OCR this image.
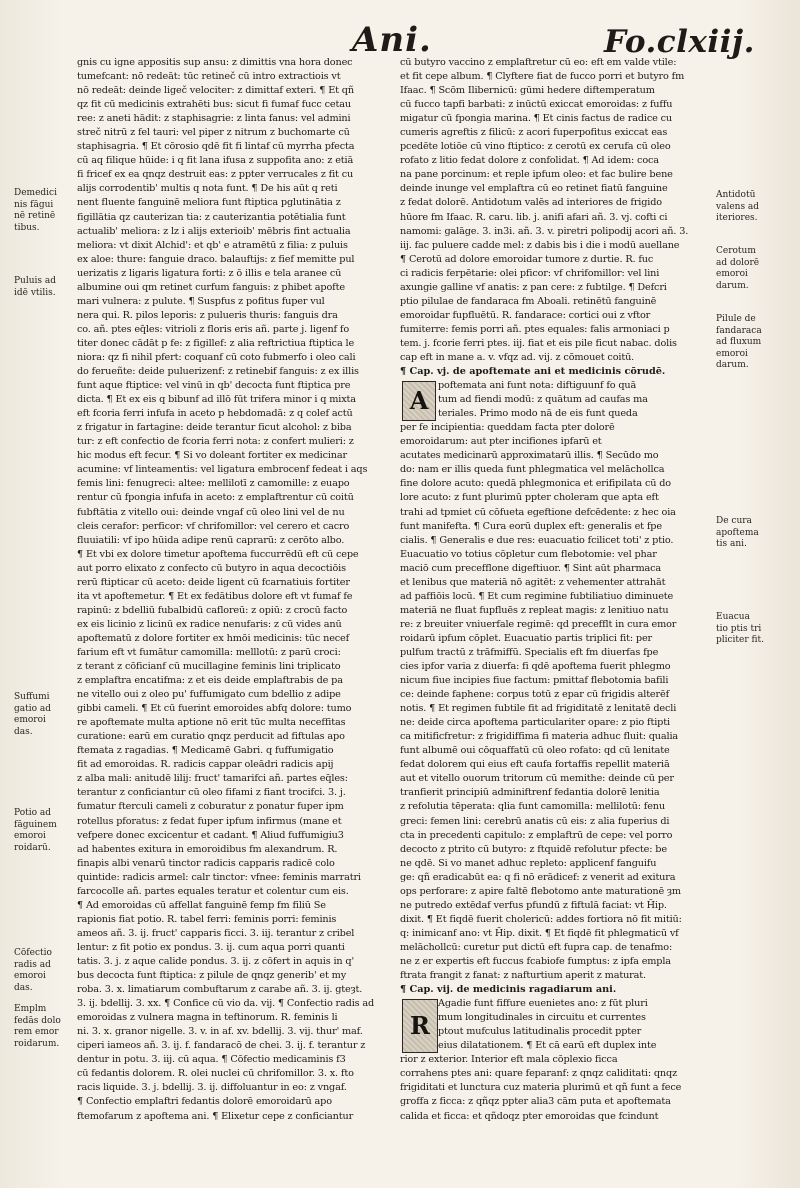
Ani.	Fo.clxiij.
gnis cu igne appositis sup ansu: z dimittis vna hora donec
tumefcant: nō redeāt: tūc retineč cū intro extractiois vt
nō redeāt: deinde ligeč velociter: z dimittaf exteri. ¶ Et qñ
qz fit cū medicinis extrahēti bus: sicut fi fumaf fucc cetau
ree: z aneti hādit: z staphisagrie: z linta fanus: vel admini
streč nitrū z fel tauri: vel piper z nitrum z buchomarte cū
staphisagria. ¶ Et cōrosio qdē fit fi lintaf cū myrrha pfecta
cū aq filique hūide: i q fit lana ifusa z suppofita ano: z etiā
fi fricef ex ea qnqz destruit eas: z ppter verrucales z fit cu
alijs corrodentib' multis q nota funt. ¶ De his aūt q reti
nent fluente fanguinē meliora funt ftiptica pglutinātia z
figillātia qz cauterizan tia: z cauterizantia potētialia funt
actualib' meliora: z lz i alijs exterioib' mēbris fint actualia
meliora: vt dixit Alchid': et qb' e atramētū z filia: z puluis
ex aloe: thure: fanguie draco. balauftijs: z fief memitte pul
uerizatis z ligaris ligatura forti: z ō illis e tela aranee cū
albumine oui qm retinet curfum fanguis: z phibet apofte
mari vulnera: z pulute. ¶ Suspfus z pofitus fuper vul
nera qui. R. pilos leporis: z pulueris thuris: fanguis dra
co. añ. ptes eq̄les: vitrioli z floris eris añ. parte j. ligenf fo
titer donec cādāt p fe: z figillef: z alia reftrictiua ftiptica le
niora: qz fi nihil pfert: coquanf cū coto fubmerfo i oleo cali
do ferueñte: deide puluerizenf: z retinebif fanguis: z ex illis
funt aque ftiptice: vel vinū in qb' decocta funt ftiptica pre
dicta. ¶ Et ex eis q bibunf ad illō fūt trifera minor i q mixta
eft fcoria ferri infufa in aceto p hebdomadā: z q colef actū
z frigatur in fartagine: deide terantur ficut alcohol: z biba
tur: z eft confectio de fcoria ferri nota: z confert mulieri: z
hic modus eft fecur. ¶ Si vo doleant fortiter ex medicinar
acumine: vf linteamentis: vel ligatura embrocenf fedeat i aqs
femis lini: fenugreci: altee: mellilotī z camomille: z euapo
rentur cū fpongia infufa in aceto: z emplaftrentur cū coitū
fubftātia z vitello oui: deinde vngaf cū oleo lini vel de nu
cleis cerafor: perficor: vf chrifomillor: vel cerero et cacro
fluuiatili: vf ipo hūida adipe renū caprarū: z cerōto albo.
¶ Et vbi ex dolore timetur apoftema fuccurrēdū eft cū cepe
aut porro elixato z confecto cū butyro in aqua decoctiōis
rerū ftipticar cū aceto: deide ligent cū fcarnatiuis fortiter
ita vt apoftemetur. ¶ Et ex fedātibus dolore eft vt fumaf fe
rapinū: z bdelliū fubalbidū cafloreū: z opiū: z crocū facto
ex eis licinio z licinū ex radice nenufaris: z cū vides anū
apoftematū z dolore fortiter ex hmōi medicinis: tūc necef
farium eft vt fumātur camomilla: melllotū: z parū croci:
z terant z cōficianf cū mucillagine feminis lini triplicato
z emplaftra encatifma: z et eis deide emplaftrabis de pa
ne vitello oui z oleo pu' fuffumigato cum bdellio z adipe
gibbi cameli. ¶ Et cū fuerint emoroides abfq dolore: tumo
re apoftemate multa aptione nō erit tūc multa neceffitas
curatione: earū em curatio qnqz perducit ad fiftulas apo
ftemata z ragadias. ¶ Medicamē Gabri. q fuffumigatio
fit ad emoroidas. R. radicis cappar oleādri radicis apij
z alba mali: anitudē lilij: fruct' tamarifci añ. partes eq̄les:
terantur z conficiantur cū oleo fifami z fiant trocifci. 3. j.
fumatur fterculi cameli z coburatur z ponatur fuper ipm
rotellus pforatus: z fedat fuper ipfum infirmus (mane et
vefpere donec excicentur et cadant. ¶ Aliud fuffumigiu3
ad habentes exitura in emoroidibus fm alexandrum. R.
finapis albi venarū tinctor radicis capparis radicē colo
quintide: radicis armel: calr tinctor: vfnee: feminis marratri
farcocolle añ. partes equales teratur et colentur cum eis.
¶ Ad emoroidas cū affellat fanguinē femp fm filiū Se
rapionis fiat potio. R. tabel ferri: feminis porri: feminis
ameos añ. 3. ij. fruct' capparis ficci. 3. iij. terantur z cribel
lentur: z fit potio ex pondus. 3. ij. cum aqua porri quanti
tatis. 3. j. z aque calide pondus. 3. ij. z cōfert in aquis in q'
bus decocta funt ftiptica: z pilule de qnqz generib' et my
roba. 3. x. limatiarum combuftarum z carabe añ. 3. ij. gteȝt.
3. ij. bdellij. 3. xx. ¶ Confice cū vio da. vij. ¶ Confectio radis ad
emoroidas z vulnera magna in teftinorum. R. feminis li
ni. 3. x. granor nigelle. 3. v. in af. xv. bdellij. 3. vij. thur' maf.
ciperi iameos añ. 3. ij. f. fandaracō de chei. 3. ij. f. terantur z
dentur in potu. 3. iij. cū aqua. ¶ Cōfectio medicaminis f3
cū fedantis dolorem. R. olei nuclei cū chrifomillor. 3. x. fto
racis liquide. 3. j. bdellij. 3. ij. diffoluantur in eo: z vngaf.
¶ Confectio emplaftri fedantis dolorē emoroidarū apo
ftemofarum z apoftema ani. ¶ Elixetur cepe z conficiantur
cū butyro vaccino z emplaftretur cū eo: eft em valde vtile:
et fit cepe album. ¶ Clyftere fiat de fucco porri et butyro fm
Ifaac. ¶ Scōm Ilibernicū: gūmi hedere diftemperatum
cū fucco tapfi barbati: z inūctū exiccat emoroidas: z fuffu
migatur cū fpongia marina. ¶ Et cinis factus de radice cu
cumeris agreftis z filicū: z acori fuperpofitus exiccat eas
pcedēte lotiōe cū vino ftiptico: z cerotū ex cerufa cū oleo
rofato z litio fedat dolore z confolidat. ¶ Ad idem: coca
na pane porcinum: et reple ipfum oleo: et fac bulire bene
deinde inunge vel emplaftra cū eo retinet fiatū fanguine
z fedat dolorē. Antidotum valēs ad interiores de frigido
hūore fm Ifaac. R. caru. lib. j. anifi afari añ. 3. vj. cofti ci
namomi: galāge. 3. in3i. añ. 3. v. piretri polipodij acori añ. 3.
iij. fac puluere cadde mel: z dabis bis i die i modū auellane
¶ Cerotū ad dolore emoroidar tumore z durtie. R. fuc
ci radicis ferpētarie: olei pficor: vf chrifomillor: vel lini
axungie galline vf anatis: z pan cere: z fubtilge. ¶ Defcri
ptio pilulae de fandaraca fm Aboali. retinētū fanguinē
emoroidar fupfluētū. R. fandarace: cortici oui z vftor
fumiterre: femis porri añ. ptes equales: falis armoniaci p
tem. j. fcorie ferri ptes. iij. fiat et eis pile ficut nabac. dolis
cap eft in mane a. v. vfqz ad. vij. z cōmouet coitū.
¶ Cap. vj. de apoftemate ani et medicinis cōrudē.
A
poftemata ani funt nota: diftiguunf fo quā
tum ad fiendi modū: z quātum ad caufas ma
teriales. Primo modo nā de eis funt queda
per fe incipientia: queddam facta pter dolorē
emoroidarum: aut pter incifiones ipfarū et
acutates medicinarū approximatarū illis. ¶ Secūdo mo
do: nam er illis queda funt phlegmatica vel melāchollca
fine dolore acuto: quedā phlegmonica et erifipilata cū do
lore acuto: z funt plurimū ppter choleram que apta eft
trahi ad tpmiet cū cōfueta egeftione defcēdente: z hec oia
funt manifefta. ¶ Cura eorū duplex eft: generalis et fpe
cialis. ¶ Generalis e due res: euacuatio fcilicet toti' z ptio.
Euacuatio vo totius cōpletur cum flebotomie: vel phar
maciō cum precefflone digeftiuor. ¶ Sint aūt pharmaca
et lenibus que materiā nō agitēt: z vehementer attrahāt
ad paffiōis locū. ¶ Et cum regimine fubtiliatiuo diminuete
materiā ne fluat fupfluēs z repleat magis: z lenitiuo natu
re: z breuiter vniuerfale regimē: qd precefflt in cura emor
roidarū ipfum cōplet. Euacuatio partis triplici fit: per
pulfum tractū z trāfmiffū. Specialis eft fm diuerfas fpe
cies ipfor varia z diuerfa: fi qdē apoftema fuerit phlegmo
nicum fiue incipies fiue factum: pmittaf flebotomia bafili
ce: deinde faphene: corpus totū z epar cū frigidis alterēf
notis. ¶ Et regimen fubtile fit ad frigiditatē z lenitatē decli
ne: deide circa apoftema particulariter opare: z pio ftipti
ca mitificfretur: z frigidiffima fi materia adhuc fluit: qualia
funt albumē oui cōquaffatū cū oleo rofato: qd cū lenitate
fedat dolorem qui eius eft caufa fortaffis repellit materiā
aut et vitello ouorum tritorum cū memithe: deinde cū per
tranfierit principiū adminiftrenf fedantia dolorē lenitia
z refolutia tēperata: qlia funt camomilla: mellilotū: fenu
greci: femen lini: cerebrū anatis cū eis: z alia fuperius di
cta in precedenti capitulo: z emplaftrū de cepe: vel porro
decocto z ptrito cū butyro: z ftquidē refolutur pfecte: be
ne qdē. Si vo manet adhuc repleto: applicenf fanguifu
ge: qñ eradicabūt ea: q fi nō erādicef: z venerit ad exitura
ops perforare: z apire faltē flebotomo ante maturationē ȝm
ne putredo extēdaf verfus pfundū z fiftulā faciat: vt H̄ip.
dixit. ¶ Et fiqdē fuerit cholericū: addes fortiora nō fit mitiū:
q: inimicanf ano: vt H̄ip. dixit. ¶ Et fiqdē fit phlegmaticū vf
melāchollcū: curetur put dictū eft fupra cap. de tenafmo:
ne z er expertis eft fuccus fcabiofe fumptus: z ipfa empla
ftrata frangit z fanat: z nafturtium aperit z maturat.
¶ Cap. vij. de medicinis ragadiarum ani.
R
Agadie funt fiffure euenietes ano: z fūt pluri
mum longitudinales in circuitu et currentes
ptout mufculus latitudinalis procedit ppter
eius dilatationem. ¶ Et cā earū eft duplex inte
rior z exterior. Interior eft mala cōplexio ficca
corrahens ptes ani: quare feparanf: z qnqz caliditati: qnqz
frigiditati et lunctura cuz materia plurimū et qñ funt a fece
groffa z ficca: z qñqz ppter alia3 cām puta et apoftemata
calida et ficca: et qñdoqz pter emoroidas que fcindunt
Demedici
nis fāgui
nē retinē
tibus.
Puluis ad
idē vtilis.
Suffumi
gatio ad
emoroi
das.
Potio ad
fāguinem
emoroi
roidarū.
Cōfectio
radis ad
emoroi
das.
Emplm
fedās dolo
rem emor
roidarum.
Antidotū
valens ad
iteriores.
Cerotum
ad dolorē
emoroi
darum.
Pilule de
fandaraca
ad fluxum
emoroi
darum.
De cura
apoftema
tis ani.
Euacua
tio ptis tri
pliciter fit.
